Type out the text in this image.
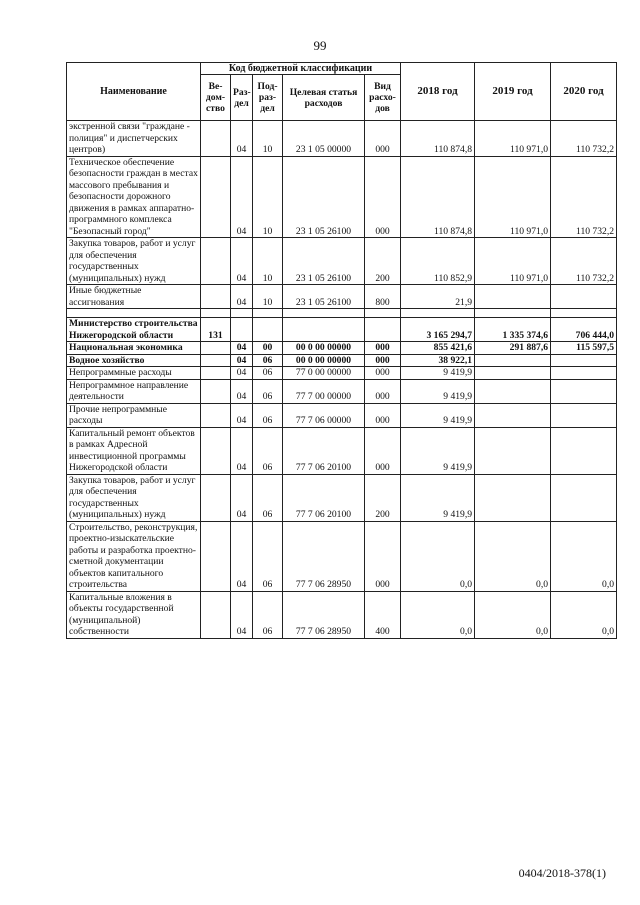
99
Наименование	Код бюджетной классификации					2018 год	2019 год	2020 год
	Ве-дом-ство	Раз-дел	Под-раз-дел	Целевая статья расходов	Вид расхо-дов			
экстренной связи "граждане - полиция" и диспетчерских центров)		04	10	23 1 05 00000	000	110 874,8	110 971,0	110 732,2
Техническое обеспечение безопасности граждан в местах массового пребывания и безопасности дорожного движения в рамках аппаратно-программного комплекса "Безопасный город"		04	10	23 1 05 26100	000	110 874,8	110 971,0	110 732,2
Закупка товаров, работ и услуг для обеспечения государственных (муниципальных) нужд		04	10	23 1 05 26100	200	110 852,9	110 971,0	110 732,2
Иные бюджетные ассигнования		04	10	23 1 05 26100	800	21,9		

Министерство строительства Нижегородской области	131					3 165 294,7	1 335 374,6	706 444,0
Национальная экономика		04	00	00 0 00 00000	000	855 421,6	291 887,6	115 597,5
Водное хозяйство		04	06	00 0 00 00000	000	38 922,1		
Непрограммные расходы		04	06	77 0 00 00000	000	9 419,9		
Непрограммное направление деятельности		04	06	77 7 00 00000	000	9 419,9		
Прочие непрограммные расходы		04	06	77 7 06 00000	000	9 419,9		
Капитальный ремонт объектов в рамках Адресной инвестиционной программы Нижегородской области		04	06	77 7 06 20100	000	9 419,9		
Закупка товаров, работ и услуг для обеспечения государственных (муниципальных) нужд		04	06	77 7 06 20100	200	9 419,9		
Строительство, реконструкция, проектно-изыскательские работы и разработка проектно-сметной документации объектов капитального строительства		04	06	77 7 06 28950	000	0,0	0,0	0,0
Капитальные вложения в объекты государственной (муниципальной) собственности		04	06	77 7 06 28950	400	0,0	0,0	0,0
0404/2018-378(1)
